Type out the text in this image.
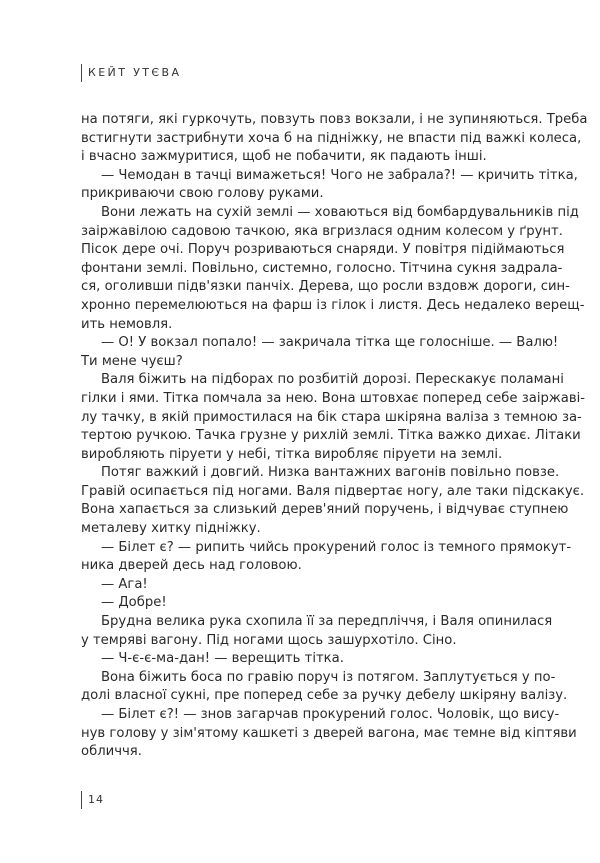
КЕЙТ УТЄВА
на потяги, які гуркочуть, повзуть повз вокзали, і не зупиняються. Треба
встигнути застрибнути хоча б на підніжку, не впасти під важкі колеса,
і вчасно зажмуритися, щоб не побачити, як падають інші.
— Чемодан в тачці вимажеться! Чого не забрала?! — кричить тітка,
прикриваючи свою голову руками.
Вони лежать на сухій землі — ховаються від бомбардувальників під
заіржавілою садовою тачкою, яка вгризлася одним колесом у ґрунт.
Пісок дере очі. Поруч розриваються снаряди. У повітря підіймаються
фонтани землі. Повільно, системно, голосно. Тітчина сукня задрала-
ся, оголивши підв'язки панчіх. Дерева, що росли вздовж дороги, син-
хронно перемелюються на фарш із гілок і листя. Десь недалеко верещ-
ить немовля.
— О! У вокзал попало! — закричала тітка ще голосніше. — Валю!
Ти мене чуєш?
Валя біжить на підборах по розбитій дорозі. Перескакує поламані
гілки і ями. Тітка помчала за нею. Вона штовхає поперед себе заіржаві-
лу тачку, в якій примостилася на бік стара шкіряна валіза з темною за-
тертою ручкою. Тачка грузне у рихлій землі. Тітка важко дихає. Літаки
виробляють піруети у небі, тітка виробляє піруети на землі.
Потяг важкий і довгий. Низка вантажних вагонів повільно повзе.
Гравій осипається під ногами. Валя підвертає ногу, але таки підскакує.
Вона хапається за слизький дерев'яний поручень, і відчуває ступнею
металеву хитку підніжку.
— Білет є? — рипить чийсь прокурений голос із темного прямокут-
ника дверей десь над головою.
— Ага!
— Добре!
Брудна велика рука схопила її за передпліччя, і Валя опинилася
у темряві вагону. Під ногами щось зашурхотіло. Сіно.
— Ч-є-є-ма-дан! — верещить тітка.
Вона біжить боса по гравію поруч із потягом. Заплутується у по-
долі власної сукні, пре поперед себе за ручку дебелу шкіряну валізу.
— Білет є?! — знов загарчав прокурений голос. Чоловік, що вису-
нув голову у зім'ятому кашкеті з дверей вагона, має темне від кіптяви
обличчя.
14
